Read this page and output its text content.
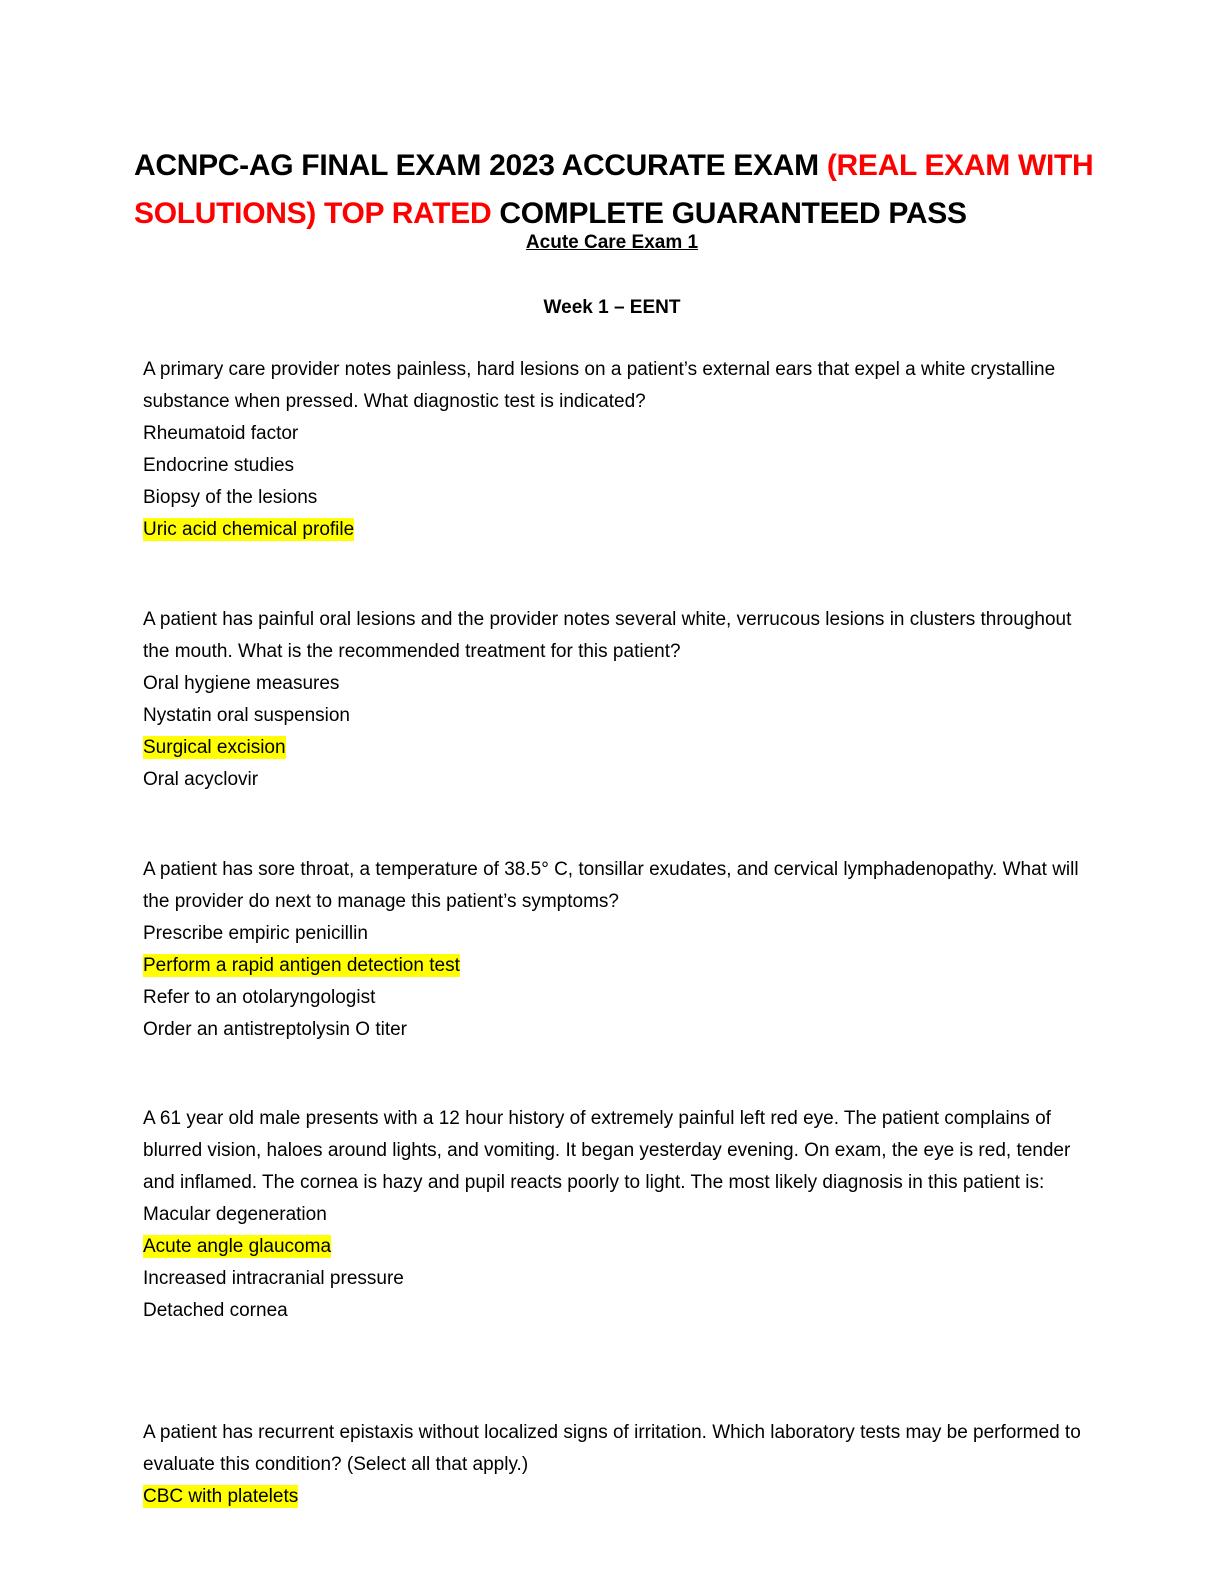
ACNPC-AG FINAL EXAM 2023 ACCURATE EXAM (REAL EXAM WITH SOLUTIONS) TOP RATED COMPLETE GUARANTEED PASS

Acute Care Exam 1

Week 1 – EENT

A primary care provider notes painless, hard lesions on a patient’s external ears that expel a white crystalline substance when pressed. What diagnostic test is indicated?

Rheumatoid factor
Endocrine studies
Biopsy of the lesions
Uric acid chemical profile

A patient has painful oral lesions and the provider notes several white, verrucous lesions in clusters throughout the mouth. What is the recommended treatment for this patient?

Oral hygiene measures
Nystatin oral suspension
Surgical excision
Oral acyclovir

A patient has sore throat, a temperature of 38.5° C, tonsillar exudates, and cervical lymphadenopathy. What will the provider do next to manage this patient’s symptoms?

Prescribe empiric penicillin
Perform a rapid antigen detection test
Refer to an otolaryngologist
Order an antistreptolysin O titer

A 61 year old male presents with a 12 hour history of extremely painful left red eye. The patient complains of blurred vision, haloes around lights, and vomiting. It began yesterday evening. On exam, the eye is red, tender and inflamed. The cornea is hazy and pupil reacts poorly to light. The most likely diagnosis in this patient is:

Macular degeneration
Acute angle glaucoma
Increased intracranial pressure
Detached cornea

A patient has recurrent epistaxis without localized signs of irritation. Which laboratory tests may be performed to evaluate this condition? (Select all that apply.)

CBC with platelets
